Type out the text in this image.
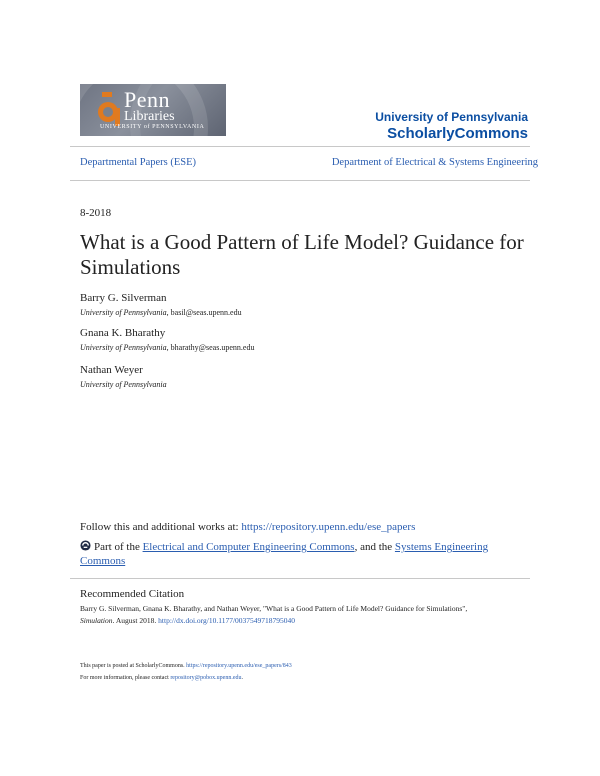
Penn
Libraries
UNIVERSITY of PENNSYLVANIA
University of Pennsylvania
ScholarlyCommons
Departmental Papers (ESE)	Department of Electrical & Systems Engineering
8-2018
What is a Good Pattern of Life Model? Guidance for Simulations
Barry G. Silverman
University of Pennsylvania, basil@seas.upenn.edu
Gnana K. Bharathy
University of Pennsylvania, bharathy@seas.upenn.edu
Nathan Weyer
University of Pennsylvania
Follow this and additional works at: https://repository.upenn.edu/ese_papers
Part of the Electrical and Computer Engineering Commons, and the Systems Engineering Commons
Recommended Citation
Barry G. Silverman, Gnana K. Bharathy, and Nathan Weyer, "What is a Good Pattern of Life Model? Guidance for Simulations",
Simulation. August 2018. http://dx.doi.org/10.1177/0037549718795040
This paper is posted at ScholarlyCommons. https://repository.upenn.edu/ese_papers/843
For more information, please contact repository@pobox.upenn.edu.
